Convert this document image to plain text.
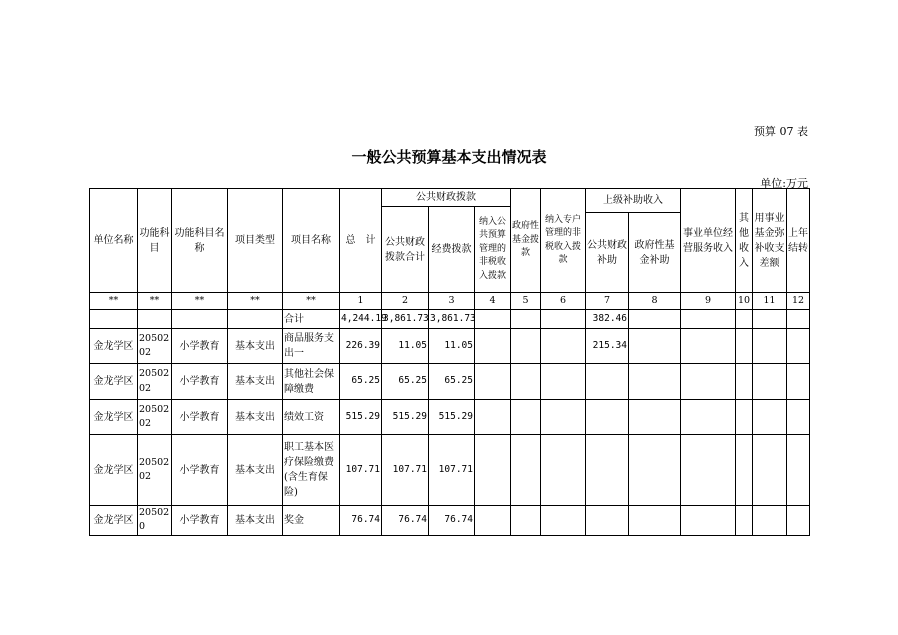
预算 07 表
一般公共预算基本支出情况表
单位:万元
单位名称	功能科目	功能科目名称	项目类型	项目名称	总　计	公共财政拨款			政府性基金拨款	纳入专户管理的非税收入拨款	上级补助收入		事业单位经营服务收入	其他收入	用事业基金弥补收支差额	上年结转
						公共财政拨款合计	经费拨款	纳入公共预算管理的非税收入拨款								
											公共财政补助	政府性基金补助				
**	**	**	**	**	1	2	3	4	5	6	7	8	9	10	11	12
				合计	4,244.19	3,861.73	3,861.73				382.46					
金龙学区	2050202	小学教育	基本支出	商品服务支出一	226.39	11.05	11.05				215.34					
金龙学区	2050202	小学教育	基本支出	其他社会保障缴费	65.25	65.25	65.25									
金龙学区	2050202	小学教育	基本支出	绩效工资	515.29	515.29	515.29									
金龙学区	2050202	小学教育	基本支出	职工基本医疗保险缴费(含生育保险)	107.71	107.71	107.71									
金龙学区	205020	小学教育	基本支出	奖金	76.74	76.74	76.74									
